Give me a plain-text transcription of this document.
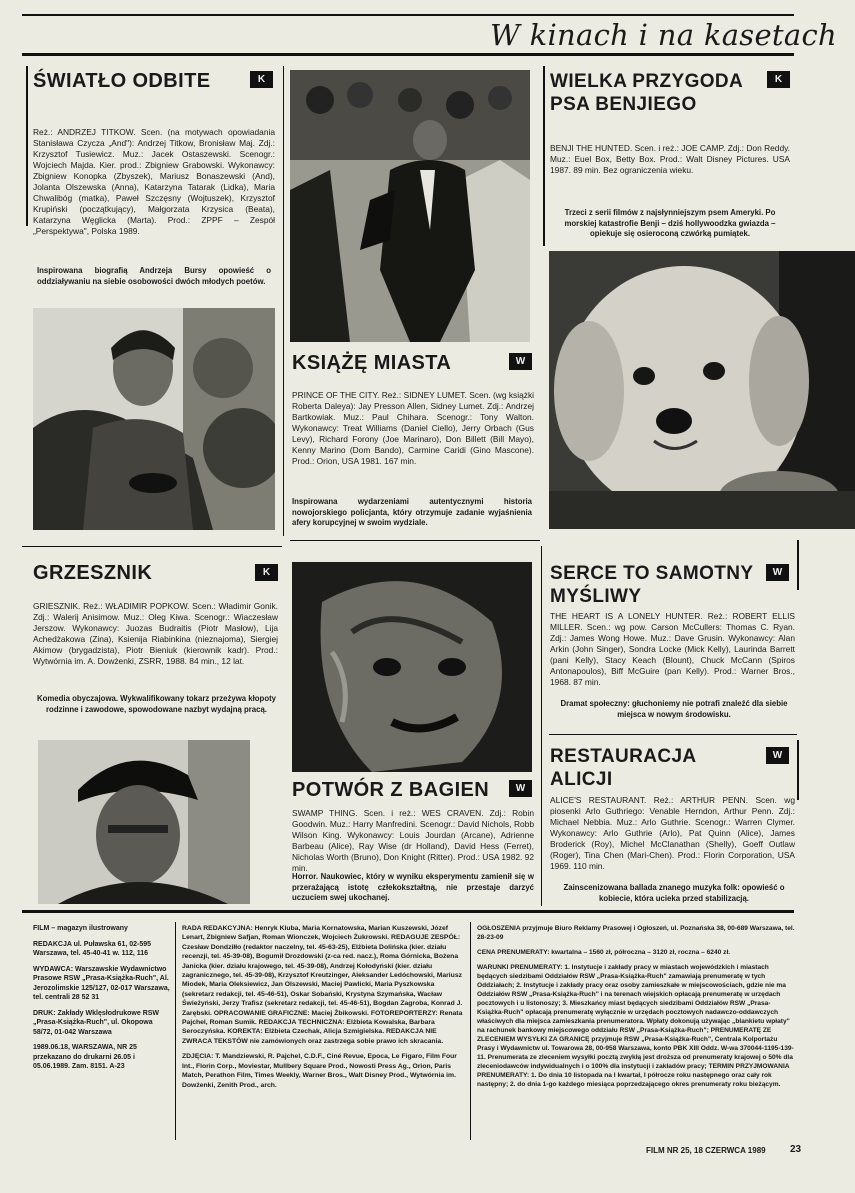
W kinach i na kasetach
ŚWIATŁO ODBITE	K
Reż.: ANDRZEJ TITKOW. Scen. (na motywach opowiadania Stanisława Czycza „And"): Andrzej Titkow, Bronisław Maj. Zdj.: Krzysztof Tusiewicz. Muz.: Jacek Ostaszewski. Scenogr.: Wojciech Majda. Kier. prod.: Zbigniew Grabowski. Wykonawcy: Zbigniew Konopka (Zbyszek), Mariusz Bonaszewski (And), Jolanta Olszewska (Anna), Katarzyna Tatarak (Lidka), Maria Chwalibóg (matka), Paweł Szczęsny (Wojtuszek), Krzysztof Krupiński (początkujący), Małgorzata Krzysica (Beata), Katarzyna Węglicka (Marta). Prod.: ZPPF – Zespół „Perspektywa", Polska 1989.
Inspirowana biografią Andrzeja Bursy opowieść o oddziaływaniu na siebie osobowości dwóch młodych poetów.
KSIĄŻĘ MIASTA	W
PRINCE OF THE CITY. Reż.: SIDNEY LUMET. Scen. (wg książki Roberta Daleya): Jay Presson Allen, Sidney Lumet. Zdj.: Andrzej Bartkowiak. Muz.: Paul Chihara. Scenogr.: Tony Walton. Wykonawcy: Treat Williams (Daniel Ciello), Jerry Orbach (Gus Levy), Richard Forony (Joe Marinaro), Don Billett (Bill Mayo), Kenny Marino (Dom Bando), Carmine Caridi (Gino Mascone). Prod.: Orion, USA 1981. 167 min.
Inspirowana wydarzeniami autentycznymi historia nowojorskiego policjanta, który otrzymuje zadanie wyjaśnienia afery korupcyjnej w swoim wydziale.
WIELKA PRZYGODA
PSA BENJIEGO
K
BENJI THE HUNTED. Scen. i reż.: JOE CAMP. Zdj.: Don Reddy. Muz.: Euel Box, Betty Box. Prod.: Walt Disney Pictures. USA 1987. 89 min. Bez ograniczenia wieku.
Trzeci z serii filmów z najsłynniejszym psem Ameryki. Po morskiej katastrofie Benji – dziś hollywoodzka gwiazda – opiekuje się osieroconą czwórką pumiątek.
GRZESZNIK	K
GRIESZNIK. Reż.: WŁADIMIR POPKOW. Scen.: Władimir Gonik. Zdj.: Walerij Anisimow. Muz.: Oleg Kiwa. Scenogr.: Wiaczesław Jerszow. Wykonawcy: Juozas Budraitis (Piotr Masłow), Lija Achedżakowa (Zina), Ksienija Riabinkina (nieznajoma), Siergiej Akimow (brygadzista), Piotr Bieniuk (kierownik kadr). Prod.: Wytwórnia im. A. Dowżenki, ZSRR, 1988. 84 min., 12 lat.
Komedia obyczajowa. Wykwalifikowany tokarz przeżywa kłopoty rodzinne i zawodowe, spowodowane nazbyt wydajną pracą.
POTWÓR Z BAGIEN	W
SWAMP THING. Scen. i reż.: WES CRAVEN. Zdj.: Robin Goodwin. Muz.: Harry Manfredini. Scenogr.: David Nichols, Robb Wilson King. Wykonawcy: Louis Jourdan (Arcane), Adrienne Barbeau (Alice), Ray Wise (dr Holland), David Hess (Ferret), Nicholas Worth (Bruno), Don Knight (Ritter). Prod.: USA 1982. 92 min.
Horror. Naukowiec, który w wyniku eksperymentu zamienił się w przerażającą istotę człekokształtną, nie przestaje darzyć uczuciem swej ukochanej.
SERCE TO SAMOTNY
MYŚLIWY
W
THE HEART IS A LONELY HUNTER. Reż.: ROBERT ELLIS MILLER. Scen.: wg pow. Carson McCullers: Thomas C. Ryan. Zdj.: James Wong Howe. Muz.: Dave Grusin. Wykonawcy: Alan Arkin (John Singer), Sondra Locke (Mick Kelly), Laurinda Barrett (pani Kelly), Stacy Keach (Blount), Chuck McCann (Spiros Antonapoulos), Biff McGuire (pan Kelly). Prod.: Warner Bros., 1968. 87 min.
Dramat społeczny: głuchoniemy nie potrafi znaleźć dla siebie miejsca w nowym środowisku.
RESTAURACJA
ALICJI
W
ALICE'S RESTAURANT. Reż.: ARTHUR PENN. Scen. wg piosenki Arlo Guthriego: Venable Herndon, Arthur Penn. Zdj.: Michael Nebbia. Muz.: Arlo Guthrie. Scenogr.: Warren Clymer. Wykonawcy: Arlo Guthrie (Arlo), Pat Quinn (Alice), James Broderick (Roy), Michel McClanathan (Shelly), Goeff Outlaw (Roger), Tina Chen (Mari-Chen). Prod.: Florin Corporation, USA 1969. 110 min.
Zainscenizowana ballada znanego muzyka folk: opowieść o kobiecie, która ucieka przed stabilizacją.

FILM – magazyn ilustrowany

REDAKCJA ul. Puławska 61, 02-595 Warszawa, tel. 45-40-41 w. 112, 116

WYDAWCA: Warszawskie Wydawnictwo Prasowe RSW „Prasa-Książka-Ruch", Al. Jerozolimskie 125/127, 02-017 Warszawa, tel. centrali 28 52 31

DRUK: Zakłady Wklęsłodrukowe RSW „Prasa-Książka-Ruch", ul. Okopowa 58/72, 01-042 Warszawa

1989.06.18, WARSZAWA, NR 25 przekazano do drukarni 26.05 i 05.06.1989. Zam. 8151. A-23

RADA REDAKCYJNA: Henryk Kluba, Maria Kornatowska, Marian Kuszewski, Józef Lenart, Zbigniew Safjan, Roman Wionczek, Wojciech Żukrowski. REDAGUJE ZESPÓŁ: Czesław Dondziłło (redaktor naczelny, tel. 45-63-25), Elżbieta Dolińska (kier. działu recenzji, tel. 45-39-08), Bogumił Drozdowski (z-ca red. nacz.), Roma Górnicka, Bożena Janicka (kier. działu krajowego, tel. 45-39-08), Andrzej Kołodyński (kier. działu zagranicznego, tel. 45-39-08), Krzysztof Kreutzinger, Aleksander Ledóchowski, Mariusz Miodek, Maria Oleksiewicz, Jan Olszewski, Maciej Pawlicki, Maria Pyszkowska (sekretarz redakcji, tel. 45-46-51), Oskar Sobański, Krystyna Szymańska, Wacław Świeżyński, Jerzy Trafisz (sekretarz redakcji, tel. 45-46-51), Bogdan Zagroba, Konrad J. Zarębski. OPRACOWANIE GRAFICZNE: Maciej Żbikowski. FOTOREPORTERZY: Renata Pajchel, Roman Sumik. REDAKCJA TECHNICZNA: Elżbieta Kowalska, Barbara Seroczyńska. KOREKTA: Elżbieta Czechak, Alicja Szmigielska. REDAKCJA NIE ZWRACA TEKSTÓW nie zamówionych oraz zastrzega sobie prawo ich skracania.

ZDJĘCIA: T. Mandziewski, R. Pajchel, C.D.F., Ciné Revue, Epoca, Le Figaro, Film Four Int., Florin Corp., Moviestar, Mullbery Square Prod., Nowosti Press Ag., Orion, Paris Match, Perathon Film, Times Weekly, Warner Bros., Walt Disney Prod., Wytwórnia im. Dowżenki, Zenith Prod., arch.

OGŁOSZENIA przyjmuje Biuro Reklamy Prasowej i Ogłoszeń, ul. Poznańska 38, 00-689 Warszawa, tel. 28-23-09

CENA PRENUMERATY: kwartalna – 1560 zł, półroczna – 3120 zł, roczna – 6240 zł.

WARUNKI PRENUMERATY: 1. Instytucje i zakłady pracy w miastach wojewódzkich i miastach będących siedzibami Oddziałów RSW „Prasa-Książka-Ruch" zamawiają prenumeratę w tych Oddziałach; 2. Instytucje i zakłady pracy oraz osoby zamieszkałe w miejscowościach, gdzie nie ma Oddziałów RSW „Prasa-Książka-Ruch" i na terenach wiejskich opłacają prenumeratę w urzędach pocztowych i u listonoszy; 3. Mieszkańcy miast będących siedzibami Oddziałów RSW „Prasa-Książka-Ruch" opłacają prenumeratę wyłącznie w urzędach pocztowych nadawczo-oddawczych właściwych dla miejsca zamieszkania prenumeratora. Wpłaty dokonują używając „blankietu wpłaty" na rachunek bankowy miejscowego oddziału RSW „Prasa-Książka-Ruch"; PRENUMERATĘ ZE ZLECENIEM WYSYŁKI ZA GRANICĘ przyjmuje RSW „Prasa-Książka-Ruch", Centrala Kolportażu Prasy i Wydawnictw ul. Towarowa 28, 00-958 Warszawa, konto PBK XIII Oddz. W-wa 370044-1195-139-11. Prenumerata ze zleceniem wysyłki pocztą zwykłą jest droższa od prenumeraty krajowej o 50% dla zleceniodawców indywidualnych i o 100% dla instytucji i zakładów pracy; TERMIN PRZYJMOWANIA PRENUMERATY: 1. Do dnia 10 listopada na I kwartał, I półrocze roku następnego oraz cały rok następny; 2. do dnia 1-go każdego miesiąca poprzedzającego okres prenumeraty roku bieżącym.

FILM NR 25, 18 CZERWCA 1989 23
